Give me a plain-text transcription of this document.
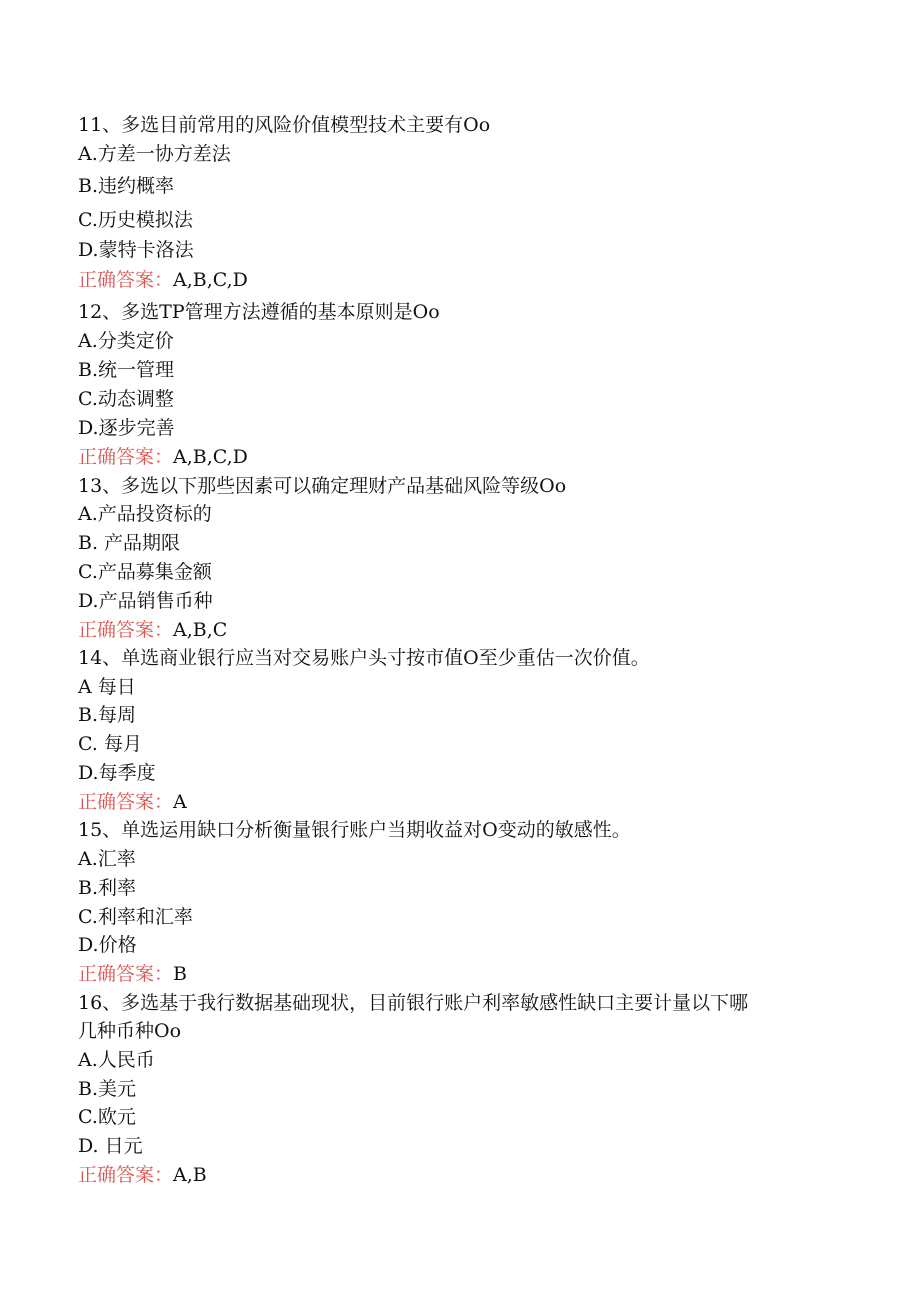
11、多选目前常用的风险价值模型技术主要有Oo
A.方差一协方差法
B.违约概率
C.历史模拟法
D.蒙特卡洛法
正确答案：A,B,C,D
12、多选TP管理方法遵循的基本原则是Oo
A.分类定价
B.统一管理
C.动态调整
D.逐步完善
正确答案：A,B,C,D
13、多选以下那些因素可以确定理财产品基础风险等级Oo
A.产品投资标的
B. 产品期限
C.产品募集金额
D.产品销售币种
正确答案：A,B,C
14、单选商业银行应当对交易账户头寸按市值O至少重估一次价值。
A 每日
B.每周
C. 每月
D.每季度
正确答案：A
15、单选运用缺口分析衡量银行账户当期收益对O变动的敏感性。
A.汇率
B.利率
C.利率和汇率
D.价格
正确答案：B
16、多选基于我行数据基础现状，目前银行账户利率敏感性缺口主要计量以下哪
几种币种Oo
A.人民币
B.美元
C.欧元
D. 日元
正确答案：A,B
